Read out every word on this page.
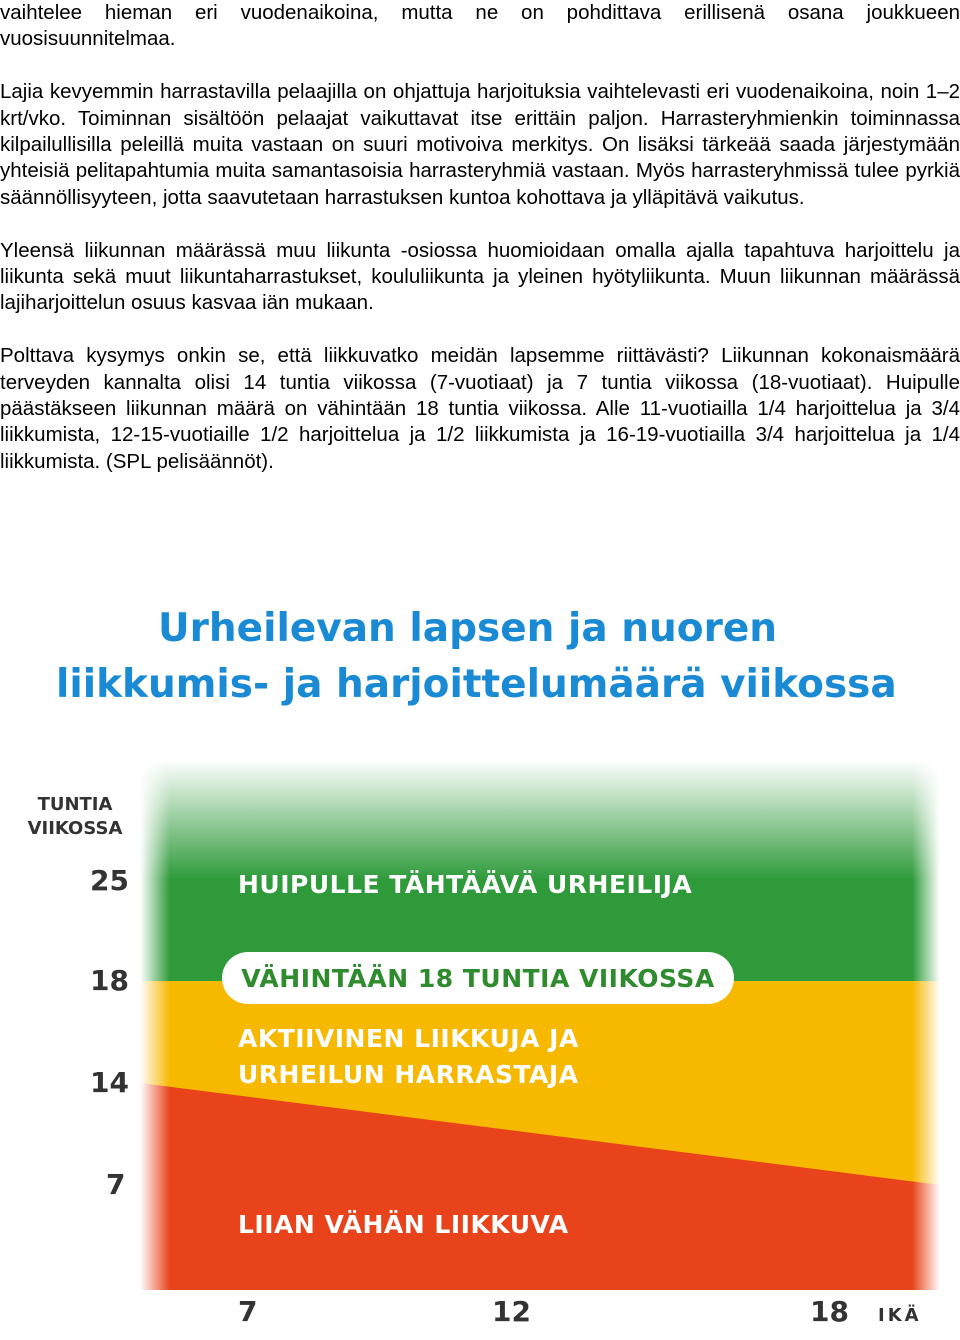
vaihtelee hieman eri vuodenaikoina, mutta ne on pohdittava erillisenä osana joukkueen vuosisuunnitelmaa.

Lajia kevyemmin harrastavilla pelaajilla on ohjattuja harjoituksia vaihtelevasti eri vuodenaikoina, noin 1–2 krt/vko. Toiminnan sisältöön pelaajat vaikuttavat itse erittäin paljon. Harrasteryhmienkin toiminnassa kilpailullisilla peleillä muita vastaan on suuri motivoiva merkitys. On lisäksi tärkeää saada järjestymään yhteisiä pelitapahtumia muita samantasoisia harrasteryhmiä vastaan. Myös harrasteryhmissä tulee pyrkiä säännöllisyyteen, jotta saavutetaan harrastuksen kuntoa kohottava ja ylläpitävä vaikutus.

Yleensä liikunnan määrässä muu liikunta -osiossa huomioidaan omalla ajalla tapahtuva harjoittelu ja liikunta sekä muut liikuntaharrastukset, koululiikunta ja yleinen hyötyliikunta. Muun liikunnan määrässä lajiharjoittelun osuus kasvaa iän mukaan.

Polttava kysymys onkin se, että liikkuvatko meidän lapsemme riittävästi? Liikunnan kokonaismäärä terveyden kannalta olisi 14 tuntia viikossa (7-vuotiaat) ja 7 tuntia viikossa (18-vuotiaat). Huipulle päästäkseen liikunnan määrä on vähintään 18 tuntia viikossa. Alle 11-vuotiailla 1/4 harjoittelua ja 3/4 liikkumista, 12-15-vuotiaille 1/2 harjoittelua ja 1/2 liikkumista ja 16-19-vuotiailla 3/4 harjoittelua ja 1/4 liikkumista. (SPL pelisäännöt).

Urheilevan lapsen ja nuoren
liikkumis- ja harjoittelumäärä viikossa
TUNTIA
VIIKOSSA
25
18
14
7
HUIPULLE TÄHTÄÄVÄ URHEILIJA
VÄHINTÄÄN 18 TUNTIA VIIKOSSA
AKTIIVINEN LIIKKUJA JA
URHEILUN HARRASTAJA
LIIAN VÄHÄN LIIKKUVA
7	12	18 IKÄ
